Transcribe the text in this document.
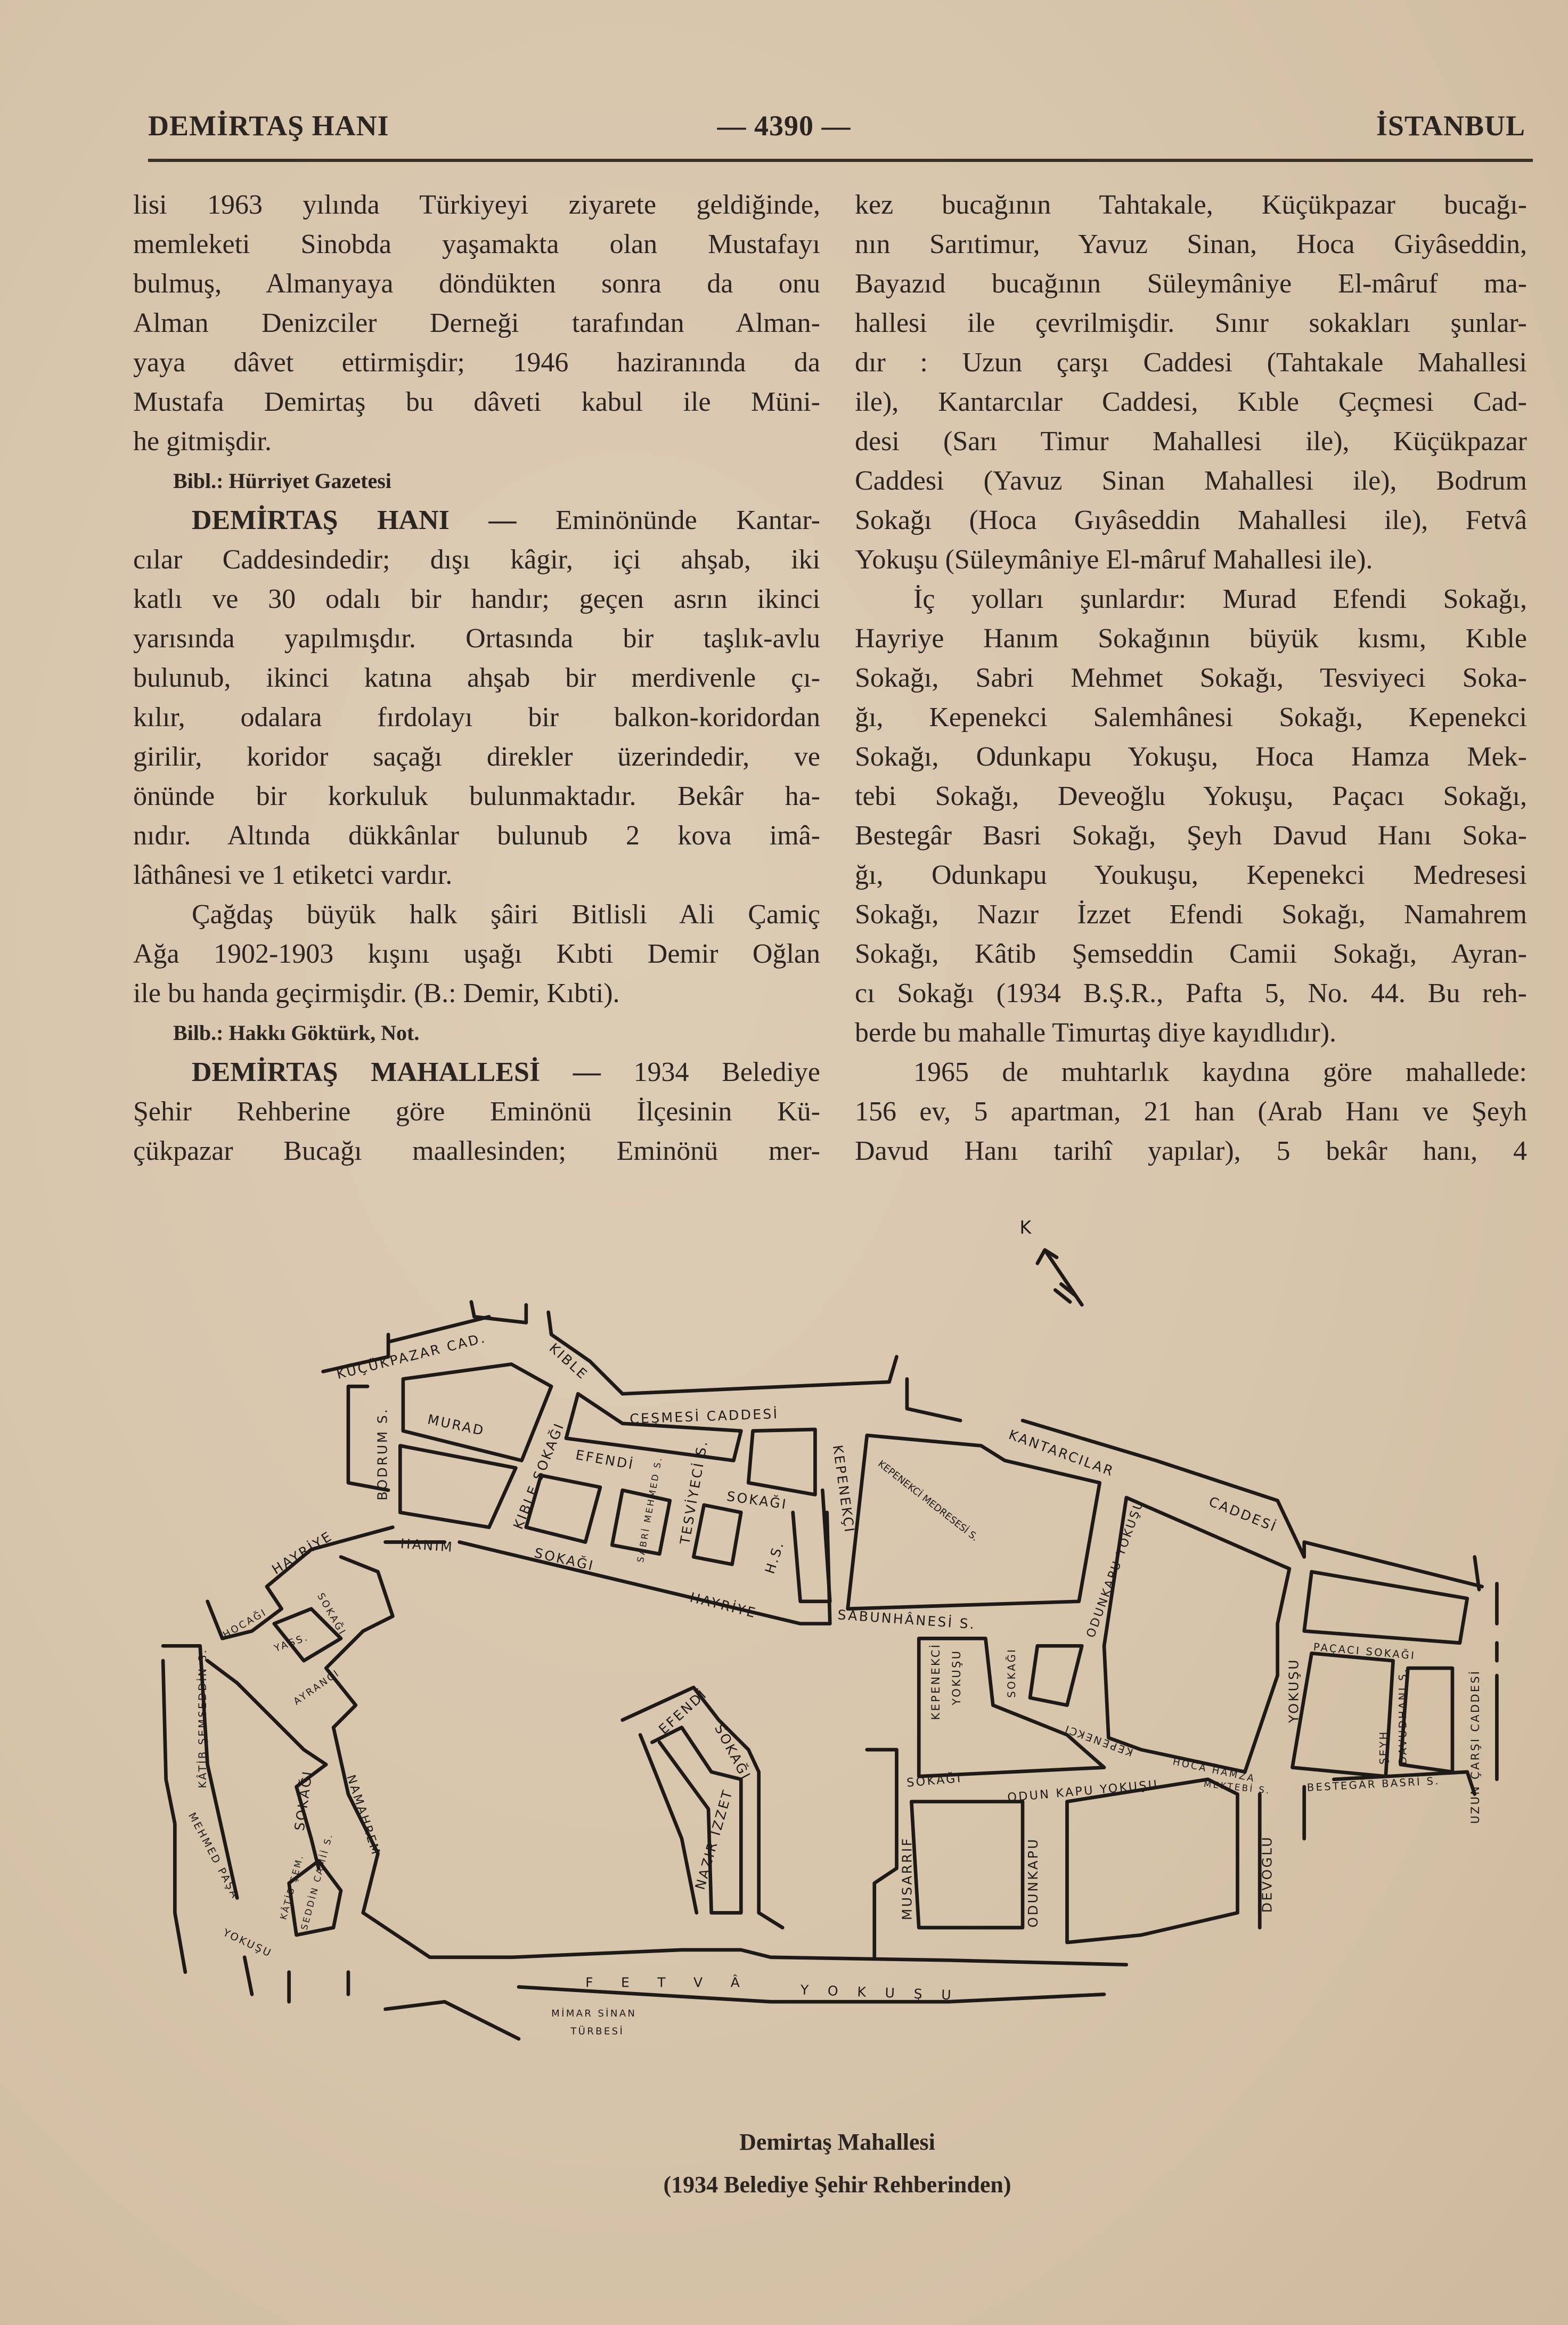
DEMİRTAŞ HANI	— 4390 —	İSTANBUL
lisi 1963 yılında Türkiyeyi ziyarete geldiğinde,
memleketi Sinobda yaşamakta olan Mustafayı
bulmuş, Almanyaya döndükten sonra da onu
Alman Denizciler Derneği tarafından Alman-
yaya dâvet ettirmişdir; 1946 haziranında da
Mustafa Demirtaş bu dâveti kabul ile Müni-
he gitmişdir.
Bibl.: Hürriyet Gazetesi
DEMİRTAŞ HANI — Eminönünde Kantar-
cılar Caddesindedir; dışı kâgir, içi ahşab, iki
katlı ve 30 odalı bir handır; geçen asrın ikinci
yarısında yapılmışdır. Ortasında bir taşlık-avlu
bulunub, ikinci katına ahşab bir merdivenle çı-
kılır, odalara fırdolayı bir balkon-koridordan
girilir, koridor saçağı direkler üzerindedir, ve
önünde bir korkuluk bulunmaktadır. Bekâr ha-
nıdır. Altında dükkânlar bulunub 2 kova imâ-
lâthânesi ve 1 etiketci vardır.
Çağdaş büyük halk şâiri Bitlisli Ali Çamiç
Ağa 1902-1903 kışını uşağı Kıbti Demir Oğlan
ile bu handa geçirmişdir. (B.: Demir, Kıbti).
Bilb.: Hakkı Göktürk, Not.
DEMİRTAŞ MAHALLESİ — 1934 Belediye
Şehir Rehberine göre Eminönü İlçesinin Kü-
çükpazar Bucağı maallesinden; Eminönü mer-
kez bucağının Tahtakale, Küçükpazar bucağı-
nın Sarıtimur, Yavuz Sinan, Hoca Giyâseddin,
Bayazıd bucağının Süleymâniye El-mâruf ma-
hallesi ile çevrilmişdir. Sınır sokakları şunlar-
dır : Uzun çarşı Caddesi (Tahtakale Mahallesi
ile), Kantarcılar Caddesi, Kıble Çeçmesi Cad-
desi (Sarı Timur Mahallesi ile), Küçükpazar
Caddesi (Yavuz Sinan Mahallesi ile), Bodrum
Sokağı (Hoca Gıyâseddin Mahallesi ile), Fetvâ
Yokuşu (Süleymâniye El-mâruf Mahallesi ile).
İç yolları şunlardır: Murad Efendi Sokağı,
Hayriye Hanım Sokağının büyük kısmı, Kıble
Sokağı, Sabri Mehmet Sokağı, Tesviyeci Soka-
ğı, Kepenekci Salemhânesi Sokağı, Kepenekci
Sokağı, Odunkapu Yokuşu, Hoca Hamza Mek-
tebi Sokağı, Deveoğlu Yokuşu, Paçacı Sokağı,
Bestegâr Basri Sokağı, Şeyh Davud Hanı Soka-
ğı, Odunkapu Youkuşu, Kepenekci Medresesi
Sokağı, Nazır İzzet Efendi Sokağı, Namahrem
Sokağı, Kâtib Şemseddin Camii Sokağı, Ayran-
cı Sokağı (1934 B.Ş.R., Pafta 5, No. 44. Bu reh-
berde bu mahalle Timurtaş diye kayıdlıdır).
1965 de muhtarlık kaydına göre mahallede:
156 ev, 5 apartman, 21 han (Arab Hanı ve Şeyh
Davud Hanı tarihî yapılar), 5 bekâr hanı, 4
K
KÜÇÜKPAZAR CAD.	KIBLE
ÇEŞMESİ CADDESİ
KANTARCILAR
CADDESİ
BODRUM S.	MURAD
EFENDİ
KIBLE SOKAĞI	SABRİ MEHMED S.	TESVİYECİ S.	SOKAĞI	KEPENEKÇİ
SABUNHÂNESİ S.
KEPENEKCİ MEDRESESİ S.
HAYRİYE	HANIM	SOKAĞI
HAYRİYE
H.S.
HOCAĞI
YASS.
SOKAĞI
AYRANCI
KÂTİB ŞEMSEDDİN S.
MEHMED PAŞA
YOKUŞU
SOKAĞI
KÂTİB ŞEM.
SEDDİN CAMİİ S.
NAMAHREM
F E T V Â	Y O K U Ş U
MİMAR SİNAN
TÜRBESİ
EFENDİ
SOKAĞI
NAZIR İZZET
KEPENEKCİ YOKUŞU	SOKAĞI
KEPENEKCİ
ODUNKAPU YOKUŞU
SOKAĞI	ODUN KAPU YOKUŞU
ODUNKAPU
MUSARRIF
HOCA HAMZA
MEKTEBİ S.
YOKUŞU
DEVOĞLU
PAÇACI SOKAĞI
BESTEGÂR BASRİ S.
ŞEYH DAVUDHANI S.	UZUN ÇARŞI CADDESİ
Demirtaş Mahallesi
(1934 Belediye Şehir Rehberinden)
